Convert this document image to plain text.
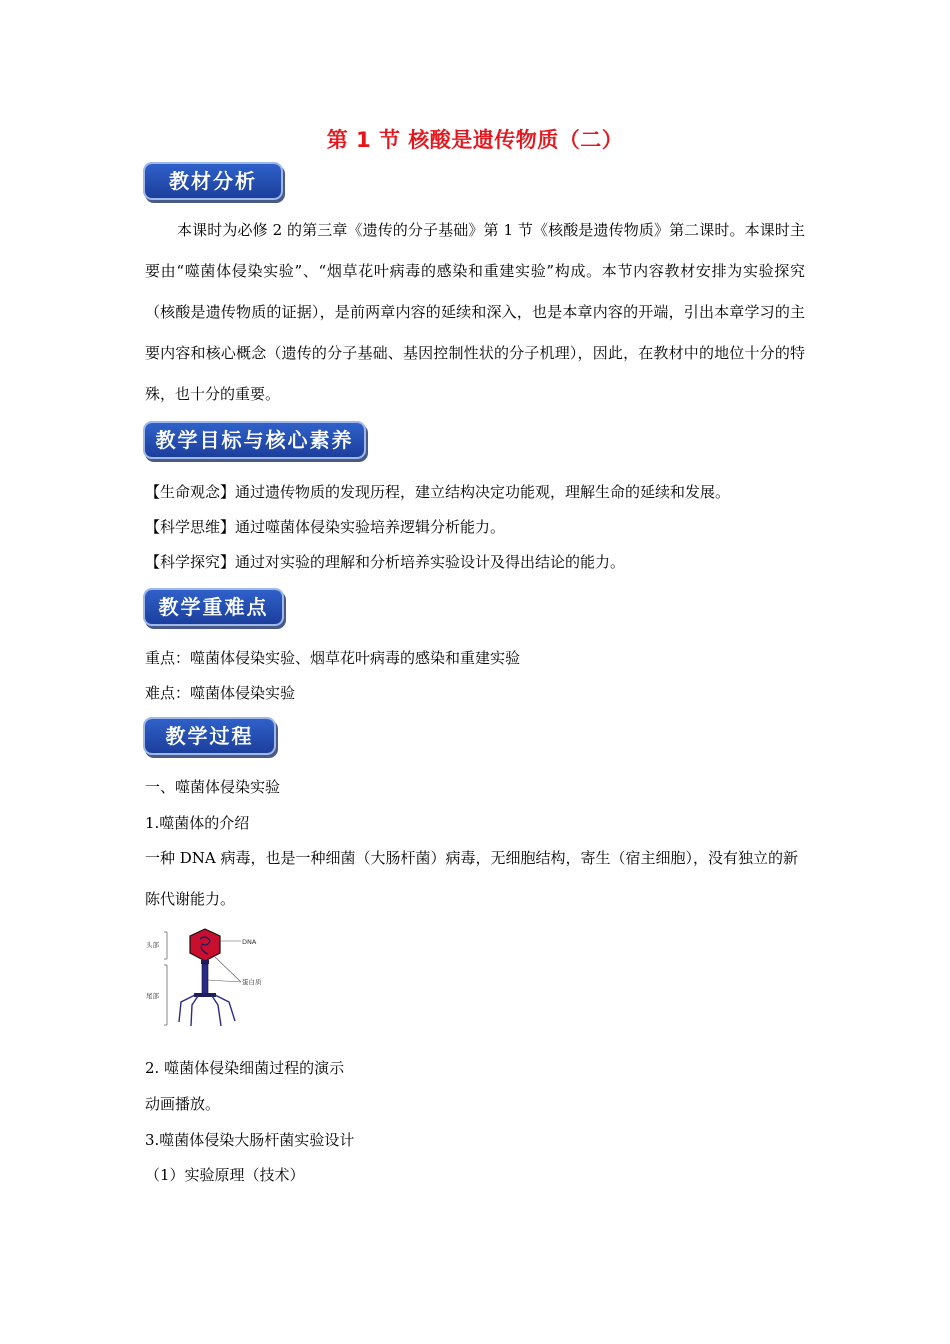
第 1 节 核酸是遗传物质（二）
教材分析
本课时为必修 2 的第三章《遗传的分子基础》第 1 节《核酸是遗传物质》第二课时。本课时主要由“噬菌体侵染实验”、“烟草花叶病毒的感染和重建实验”构成。本节内容教材安排为实验探究（核酸是遗传物质的证据），是前两章内容的延续和深入，也是本章内容的开端，引出本章学习的主要内容和核心概念（遗传的分子基础、基因控制性状的分子机理），因此，在教材中的地位十分的特殊，也十分的重要。
教学目标与核心素养
【生命观念】通过遗传物质的发现历程，建立结构决定功能观，理解生命的延续和发展。
【科学思维】通过噬菌体侵染实验培养逻辑分析能力。
【科学探究】通过对实验的理解和分析培养实验设计及得出结论的能力。
教学重难点
重点：噬菌体侵染实验、烟草花叶病毒的感染和重建实验
难点：噬菌体侵染实验
教学过程
一、噬菌体侵染实验
1.噬菌体的介绍
一种 DNA 病毒，也是一种细菌（大肠杆菌）病毒，无细胞结构，寄生（宿主细胞），没有独立的新陈代谢能力。
头部
尾部
DNA
蛋白质
2. 噬菌体侵染细菌过程的演示
动画播放。
3.噬菌体侵染大肠杆菌实验设计
（1）实验原理（技术）
